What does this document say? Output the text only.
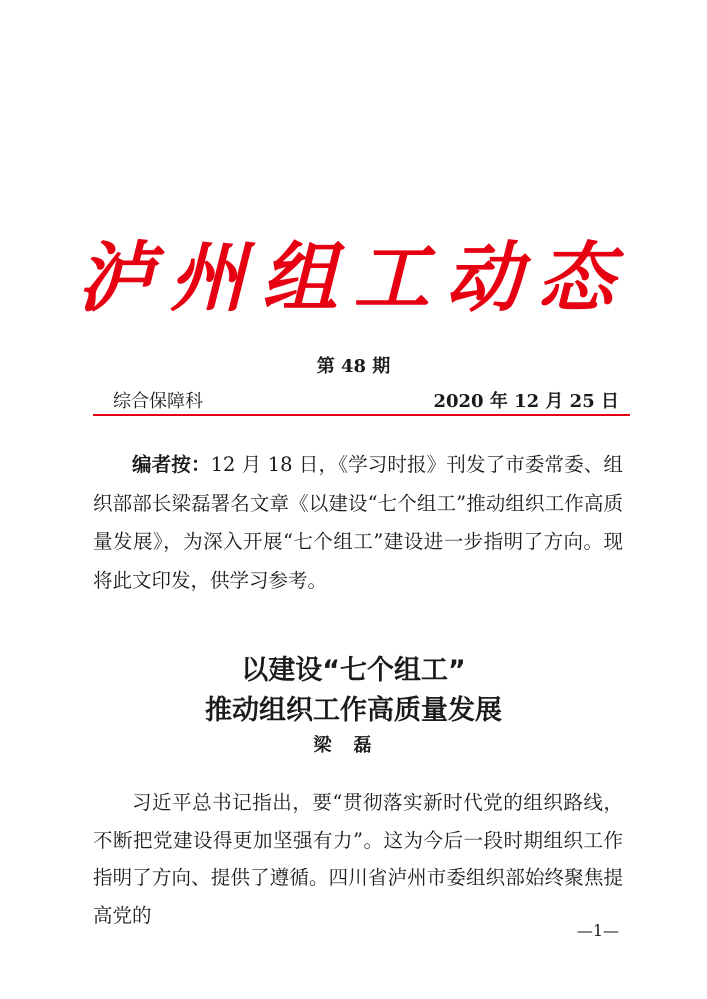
泸州组工动态
第 48 期
综合保障科	2020 年 12 月 25 日

编者按：12 月 18 日，《学习时报》刊发了市委常委、组织部部长梁磊署名文章《以建设“七个组工”推动组织工作高质量发展》，为深入开展“七个组工”建设进一步指明了方向。现将此文印发，供学习参考。

以建设“七个组工”
推动组织工作高质量发展
梁磊

习近平总书记指出，要“贯彻落实新时代党的组织路线，不断把党建设得更加坚强有力”。这为今后一段时期组织工作指明了方向、提供了遵循。四川省泸州市委组织部始终聚焦提高党的

—1—
